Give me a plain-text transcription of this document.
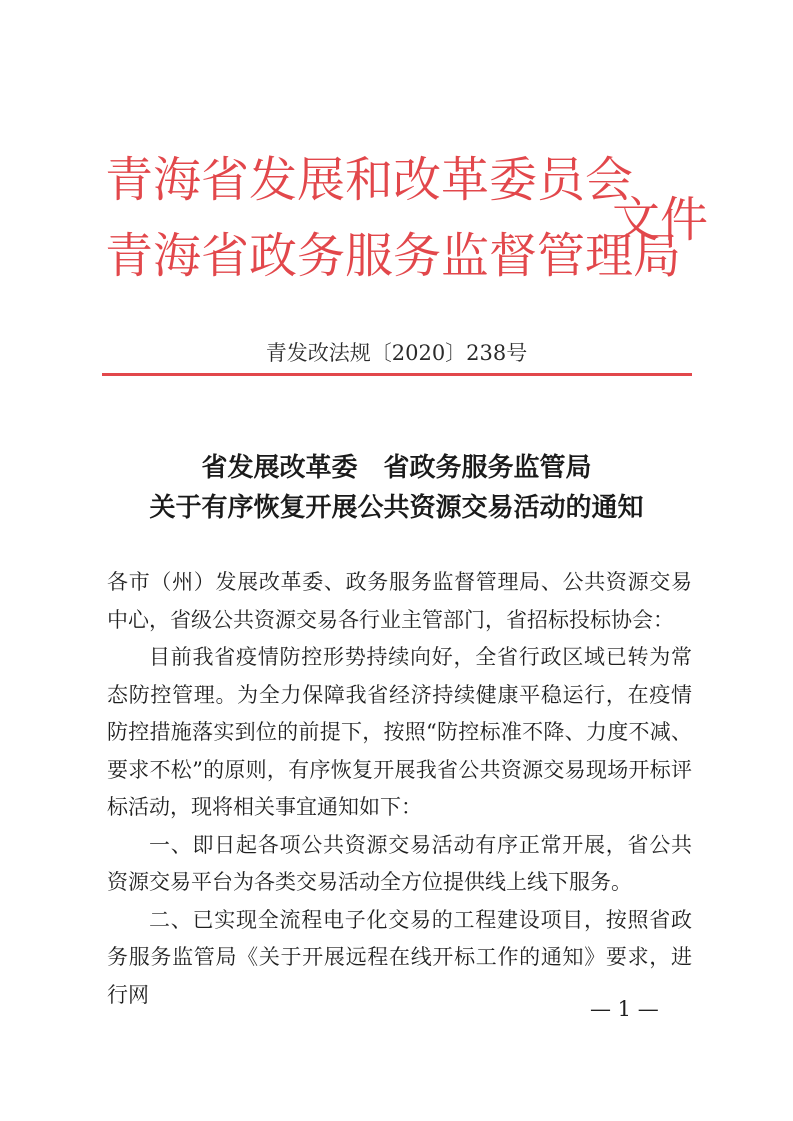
青海省发展和改革委员会
青海省政务服务监督管理局
文件
青发改法规〔2020〕238号
省发展改革委　省政务服务监管局
关于有序恢复开展公共资源交易活动的通知

各市（州）发展改革委、政务服务监督管理局、公共资源交易中心，省级公共资源交易各行业主管部门，省招标投标协会：

目前我省疫情防控形势持续向好，全省行政区域已转为常态防控管理。为全力保障我省经济持续健康平稳运行，在疫情防控措施落实到位的前提下，按照“防控标准不降、力度不减、要求不松”的原则，有序恢复开展我省公共资源交易现场开标评标活动，现将相关事宜通知如下：

一、即日起各项公共资源交易活动有序正常开展，省公共资源交易平台为各类交易活动全方位提供线上线下服务。

二、已实现全流程电子化交易的工程建设项目，按照省政务服务监管局《关于开展远程在线开标工作的通知》要求，进行网

— 1 —
